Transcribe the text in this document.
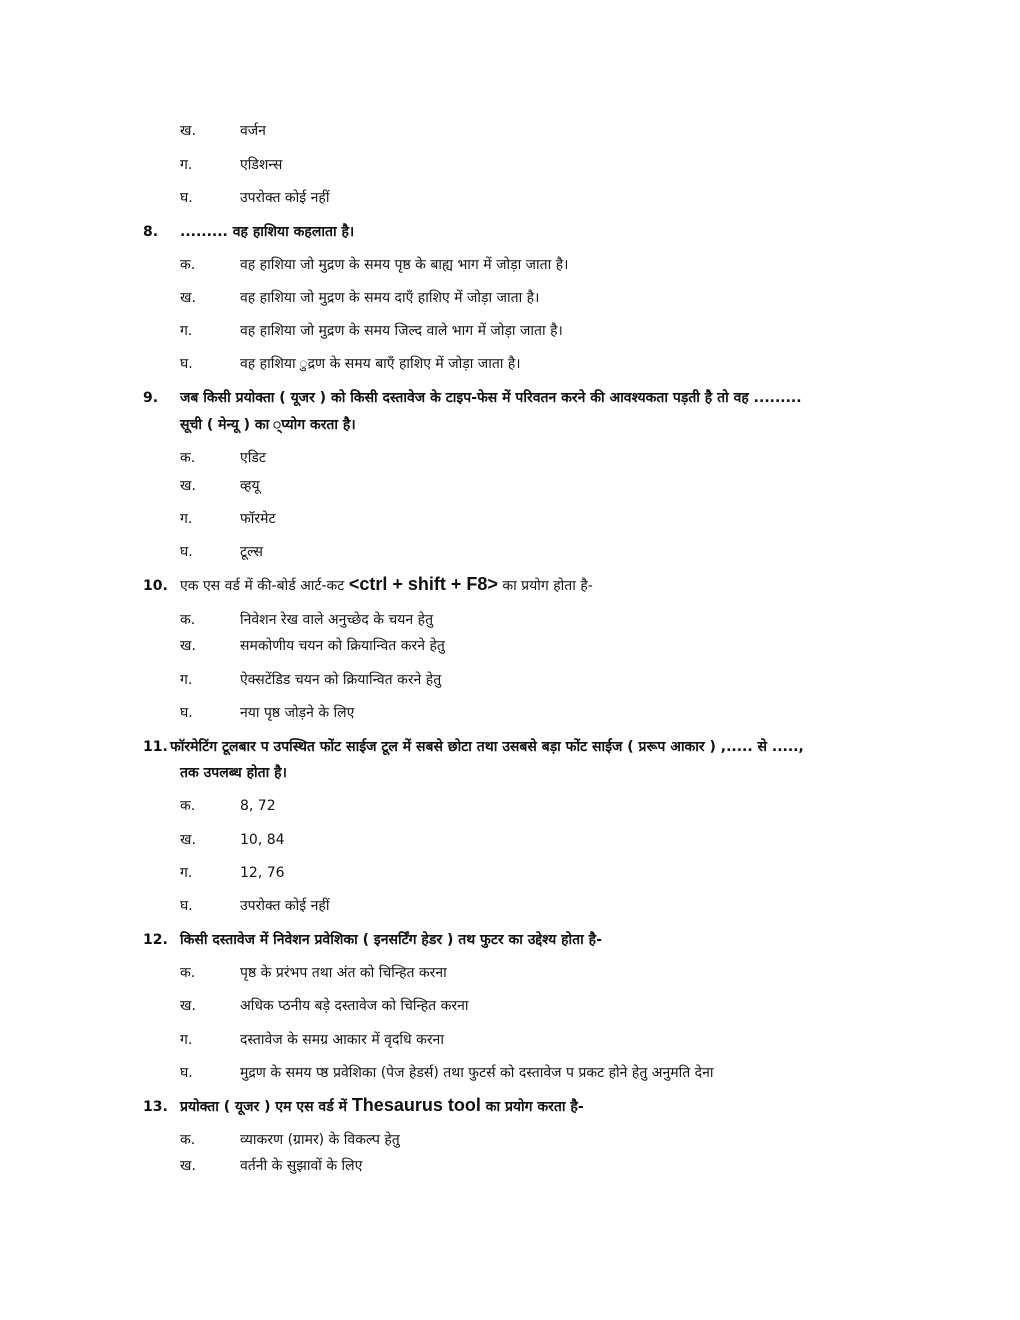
ख.	वर्जन
ग.	एडिशन्स
घ.	उपरोक्त कोई नहीं
8. ......... वह हाशिया कहलाता है।
क.	वह हाशिया जो मुद्रण के समय पृष्ठ के बाह्य भाग में जोड़ा जाता है।
ख.	वह हाशिया जो मुद्रण के समय दाएँ हाशिए में जोड़ा जाता है।
ग.	वह हाशिया जो मुद्रण के समय जिल्द वाले भाग में जोड़ा जाता है।
घ.	वह हाशिया ुद्रण के समय बाएँ हाशिए में जोड़ा जाता है।
9. जब किसी प्रयोक्ता ( यूजर ) को किसी दस्तावेज के टाइप-फेस में परिवतन करने की आवश्यकता पड़ती है तो वह .........
सूची ( मेन्यू ) का ्प्योग करता है।
क.	एडिट
ख.	व्हयू
ग.	फॉरमेट
घ.	टूल्स
10. एक एस वर्ड में की-बोर्ड आर्ट-कट <ctrl + shift + F8> का प्रयोग होता है-
क.	निवेशन रेख वाले अनुच्छेद के चयन हेतु
ख.	समकोणीय चयन को क्रियान्वित करने हेतु
ग.	ऐक्सटेंडिड चयन को क्रियान्वित करने हेतु
घ.	नया पृष्ठ जोड़ने के लिए
11. फॉरमेटिंग टूलबार प उपस्थित फोंट साईज टूल में सबसे छोटा तथा उसबसे बड़ा फोंट साईज ( प्ररूप आकार ) ,..... से .....,
तक उपलब्ध होता है।
क.	8, 72
ख.	10, 84
ग.	12, 76
घ.	उपरोक्त कोई नहीं
12. किसी दस्तावेज में निवेशन प्रवेशिका ( इनसर्टिंग हेडर ) तथ फुटर का उद्देश्य होता है-
क.	पृष्ठ के प्ररंभप तथा अंत को चिन्हित करना
ख.	अधिक प्ठनीय बड़े दस्तावेज को चिन्हित करना
ग.	दस्तावेज के समग्र आकार में वृदधि करना
घ.	मुद्रण के समय प्ष्ठ प्रवेशिका (पेज हेडर्स) तथा फुटर्स को दस्तावेज प प्रकट होने हेतु अनुमति देना
13. प्रयोक्ता ( यूजर ) एम एस वर्ड में Thesaurus tool का प्रयोग करता है-
क.	व्याकरण (ग्रामर) के विकल्प हेतु
ख.	वर्तनी के सुझावों के लिए
